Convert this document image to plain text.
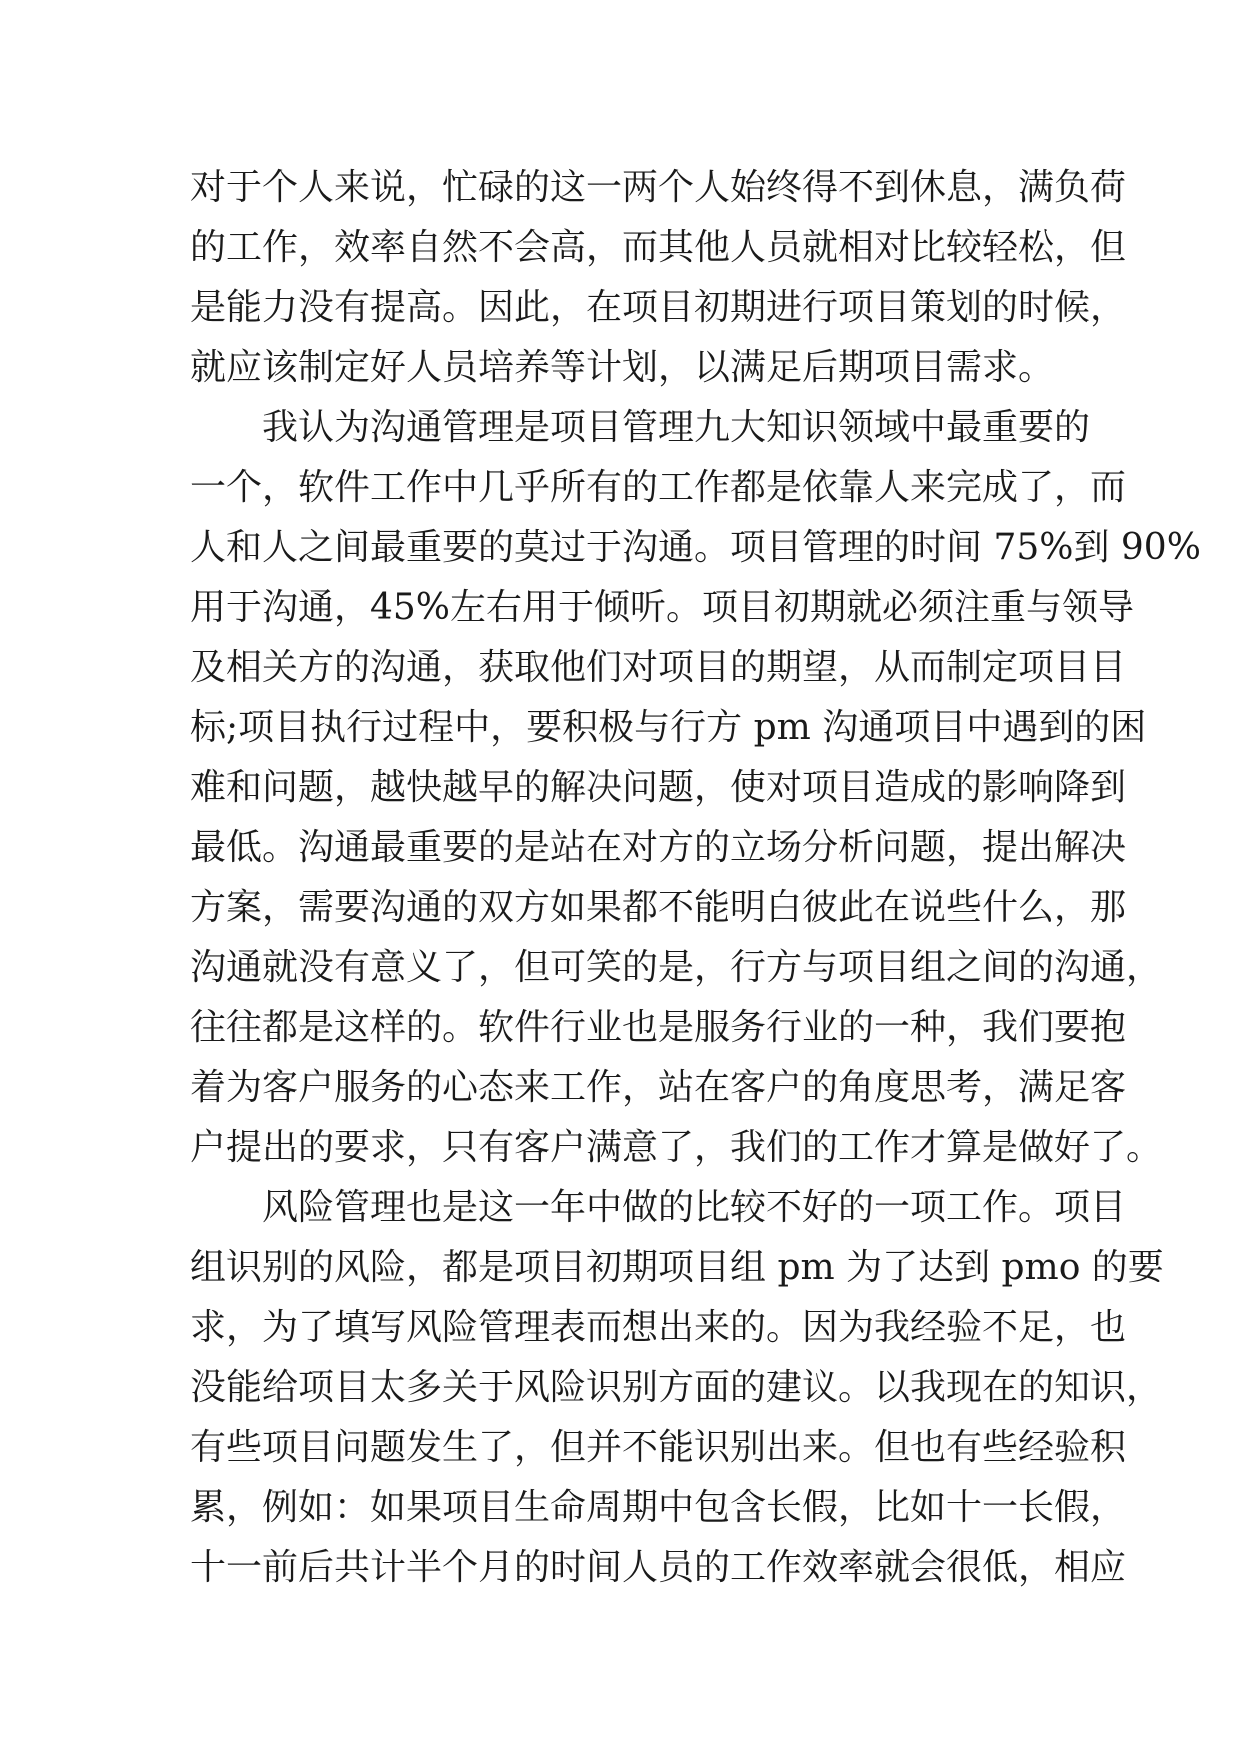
对于个人来说，忙碌的这一两个人始终得不到休息，满负荷
的工作，效率自然不会高，而其他人员就相对比较轻松，但
是能力没有提高。因此，在项目初期进行项目策划的时候，
就应该制定好人员培养等计划，以满足后期项目需求。
我认为沟通管理是项目管理九大知识领域中最重要的
一个，软件工作中几乎所有的工作都是依靠人来完成了，而
人和人之间最重要的莫过于沟通。项目管理的时间 75%到 90%
用于沟通，45%左右用于倾听。项目初期就必须注重与领导
及相关方的沟通，获取他们对项目的期望，从而制定项目目
标;项目执行过程中，要积极与行方 pm 沟通项目中遇到的困
难和问题，越快越早的解决问题，使对项目造成的影响降到
最低。沟通最重要的是站在对方的立场分析问题，提出解决
方案，需要沟通的双方如果都不能明白彼此在说些什么，那
沟通就没有意义了，但可笑的是，行方与项目组之间的沟通，
往往都是这样的。软件行业也是服务行业的一种，我们要抱
着为客户服务的心态来工作，站在客户的角度思考，满足客
户提出的要求，只有客户满意了，我们的工作才算是做好了。
风险管理也是这一年中做的比较不好的一项工作。项目
组识别的风险，都是项目初期项目组 pm 为了达到 pmo 的要
求，为了填写风险管理表而想出来的。因为我经验不足，也
没能给项目太多关于风险识别方面的建议。以我现在的知识，
有些项目问题发生了，但并不能识别出来。但也有些经验积
累，例如：如果项目生命周期中包含长假，比如十一长假，
十一前后共计半个月的时间人员的工作效率就会很低，相应
